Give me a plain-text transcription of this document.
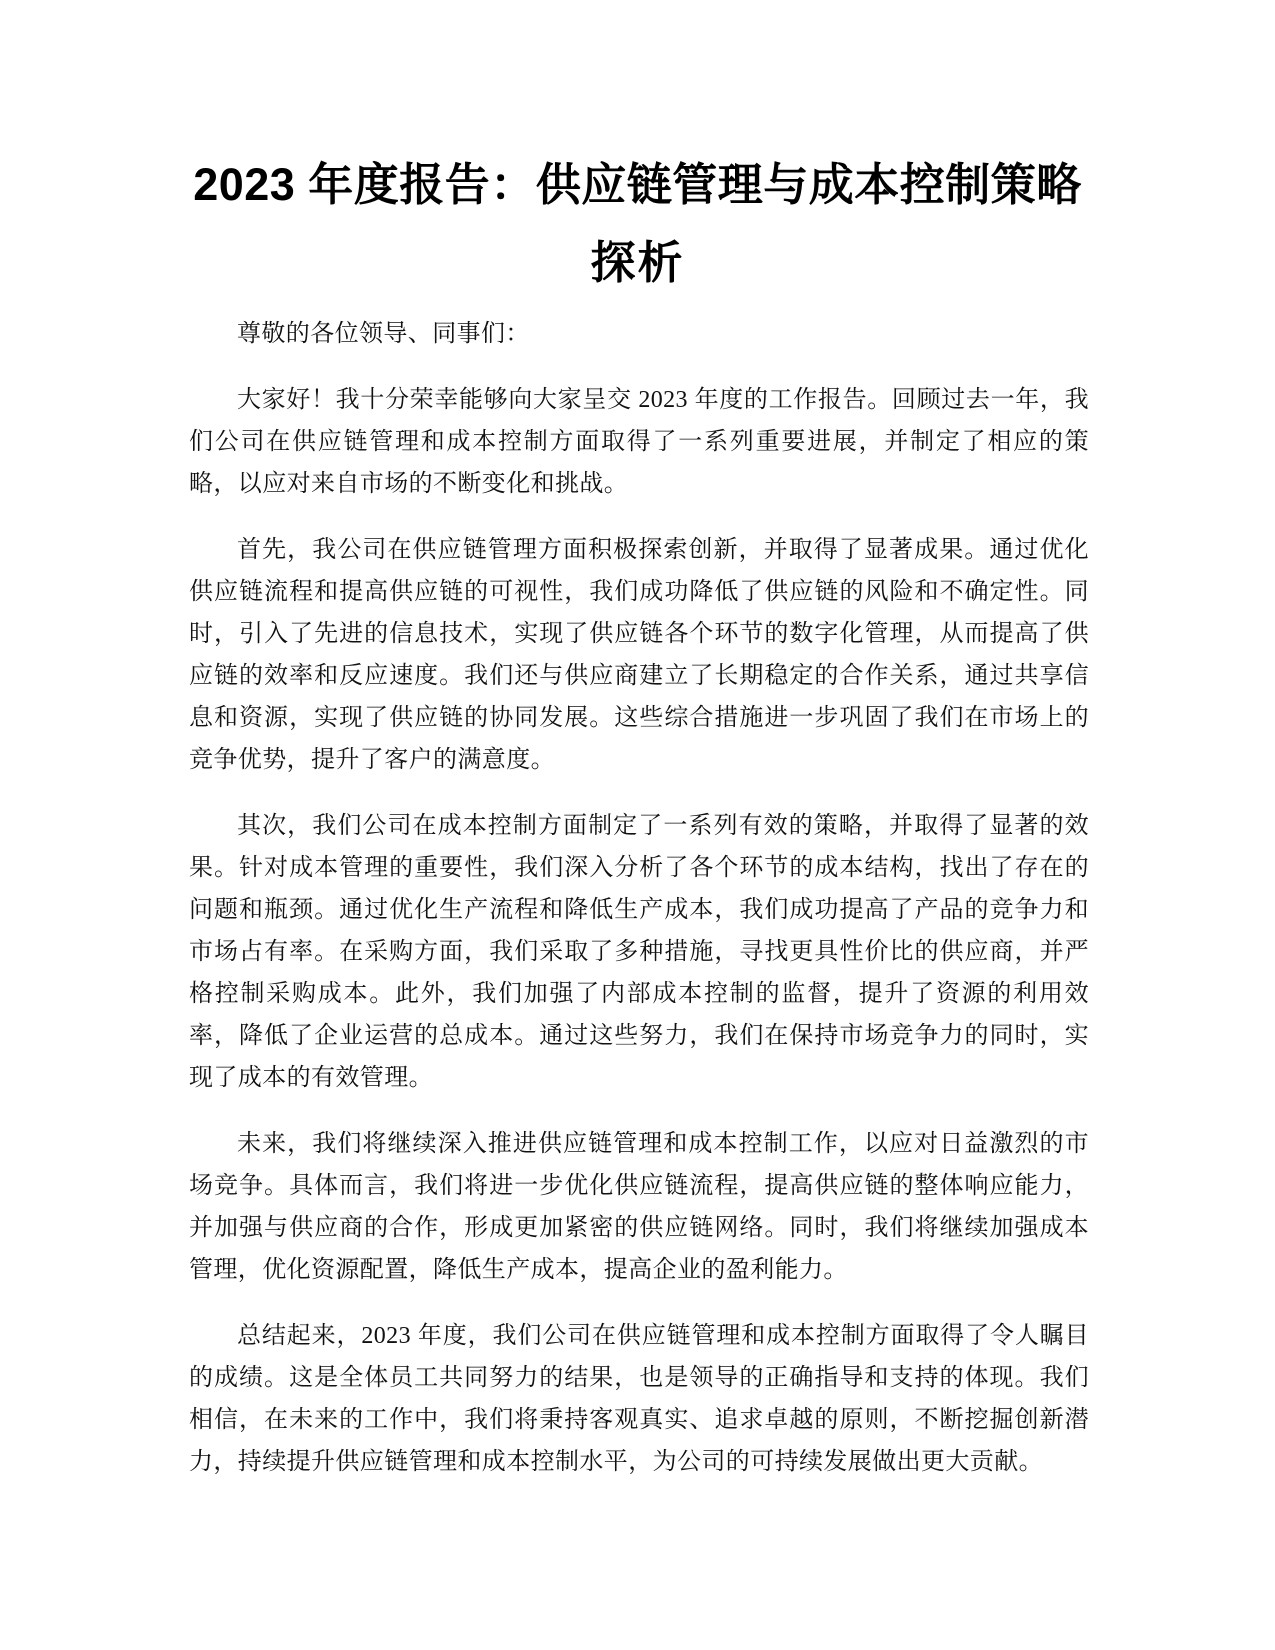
2023 年度报告：供应链管理与成本控制策略
探析

尊敬的各位领导、同事们：

大家好！我十分荣幸能够向大家呈交 2023 年度的工作报告。回顾过去一年，我们公司在供应链管理和成本控制方面取得了一系列重要进展，并制定了相应的策略，以应对来自市场的不断变化和挑战。

首先，我公司在供应链管理方面积极探索创新，并取得了显著成果。通过优化供应链流程和提高供应链的可视性，我们成功降低了供应链的风险和不确定性。同时，引入了先进的信息技术，实现了供应链各个环节的数字化管理，从而提高了供应链的效率和反应速度。我们还与供应商建立了长期稳定的合作关系，通过共享信息和资源，实现了供应链的协同发展。这些综合措施进一步巩固了我们在市场上的竞争优势，提升了客户的满意度。

其次，我们公司在成本控制方面制定了一系列有效的策略，并取得了显著的效果。针对成本管理的重要性，我们深入分析了各个环节的成本结构，找出了存在的问题和瓶颈。通过优化生产流程和降低生产成本，我们成功提高了产品的竞争力和市场占有率。在采购方面，我们采取了多种措施，寻找更具性价比的供应商，并严格控制采购成本。此外，我们加强了内部成本控制的监督，提升了资源的利用效率，降低了企业运营的总成本。通过这些努力，我们在保持市场竞争力的同时，实现了成本的有效管理。

未来，我们将继续深入推进供应链管理和成本控制工作，以应对日益激烈的市场竞争。具体而言，我们将进一步优化供应链流程，提高供应链的整体响应能力，并加强与供应商的合作，形成更加紧密的供应链网络。同时，我们将继续加强成本管理，优化资源配置，降低生产成本，提高企业的盈利能力。

总结起来，2023 年度，我们公司在供应链管理和成本控制方面取得了令人瞩目的成绩。这是全体员工共同努力的结果，也是领导的正确指导和支持的体现。我们相信，在未来的工作中，我们将秉持客观真实、追求卓越的原则，不断挖掘创新潜力，持续提升供应链管理和成本控制水平，为公司的可持续发展做出更大贡献。
